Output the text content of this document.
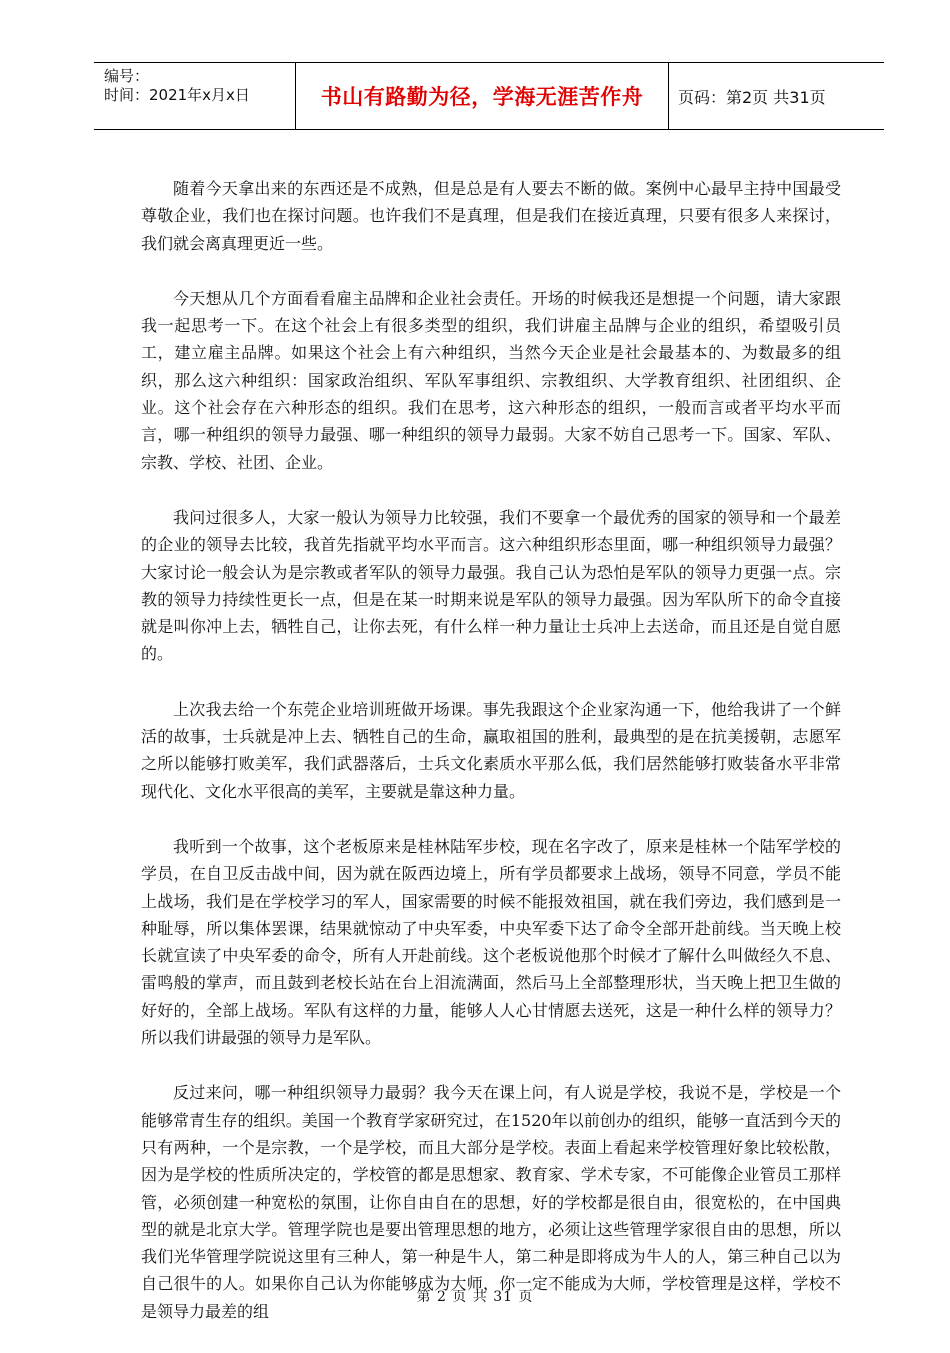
编号：
时间：2021年x月x日	书山有路勤为径，学海无涯苦作舟	页码：第2页 共31页

随着今天拿出来的东西还是不成熟，但是总是有人要去不断的做。案例中心最早主持中国最受尊敬企业，我们也在探讨问题。也许我们不是真理，但是我们在接近真理，只要有很多人来探讨，我们就会离真理更近一些。

今天想从几个方面看看雇主品牌和企业社会责任。开场的时候我还是想提一个问题，请大家跟我一起思考一下。在这个社会上有很多类型的组织，我们讲雇主品牌与企业的组织，希望吸引员工，建立雇主品牌。如果这个社会上有六种组织，当然今天企业是社会最基本的、为数最多的组织，那么这六种组织：国家政治组织、军队军事组织、宗教组织、大学教育组织、社团组织、企业。这个社会存在六种形态的组织。我们在思考，这六种形态的组织，一般而言或者平均水平而言，哪一种组织的领导力最强、哪一种组织的领导力最弱。大家不妨自己思考一下。国家、军队、宗教、学校、社团、企业。

我问过很多人，大家一般认为领导力比较强，我们不要拿一个最优秀的国家的领导和一个最差的企业的领导去比较，我首先指就平均水平而言。这六种组织形态里面，哪一种组织领导力最强？大家讨论一般会认为是宗教或者军队的领导力最强。我自己认为恐怕是军队的领导力更强一点。宗教的领导力持续性更长一点，但是在某一时期来说是军队的领导力最强。因为军队所下的命令直接就是叫你冲上去，牺牲自己，让你去死，有什么样一种力量让士兵冲上去送命，而且还是自觉自愿的。

上次我去给一个东莞企业培训班做开场课。事先我跟这个企业家沟通一下，他给我讲了一个鲜活的故事，士兵就是冲上去、牺牲自己的生命，赢取祖国的胜利，最典型的是在抗美援朝，志愿军之所以能够打败美军，我们武器落后，士兵文化素质水平那么低，我们居然能够打败装备水平非常现代化、文化水平很高的美军，主要就是靠这种力量。

我听到一个故事，这个老板原来是桂林陆军步校，现在名字改了，原来是桂林一个陆军学校的学员，在自卫反击战中间，因为就在阪西边境上，所有学员都要求上战场，领导不同意，学员不能上战场，我们是在学校学习的军人，国家需要的时候不能报效祖国，就在我们旁边，我们感到是一种耻辱，所以集体罢课，结果就惊动了中央军委，中央军委下达了命令全部开赴前线。当天晚上校长就宣读了中央军委的命令，所有人开赴前线。这个老板说他那个时候才了解什么叫做经久不息、雷鸣般的掌声，而且鼓到老校长站在台上泪流满面，然后马上全部整理形状，当天晚上把卫生做的好好的，全部上战场。军队有这样的力量，能够人人心甘情愿去送死，这是一种什么样的领导力？所以我们讲最强的领导力是军队。

反过来问，哪一种组织领导力最弱？我今天在课上问，有人说是学校，我说不是，学校是一个能够常青生存的组织。美国一个教育学家研究过，在1520年以前创办的组织，能够一直活到今天的只有两种，一个是宗教，一个是学校，而且大部分是学校。表面上看起来学校管理好象比较松散，因为是学校的性质所决定的，学校管的都是思想家、教育家、学术专家，不可能像企业管员工那样管，必须创建一种宽松的氛围，让你自由自在的思想，好的学校都是很自由，很宽松的，在中国典型的就是北京大学。管理学院也是要出管理思想的地方，必须让这些管理学家很自由的思想，所以我们光华管理学院说这里有三种人，第一种是牛人，第二种是即将成为牛人的人，第三种自己以为自己很牛的人。如果你自己认为你能够成为大师，你一定不能成为大师，学校管理是这样，学校不是领导力最差的组

第 2 页 共 31 页
